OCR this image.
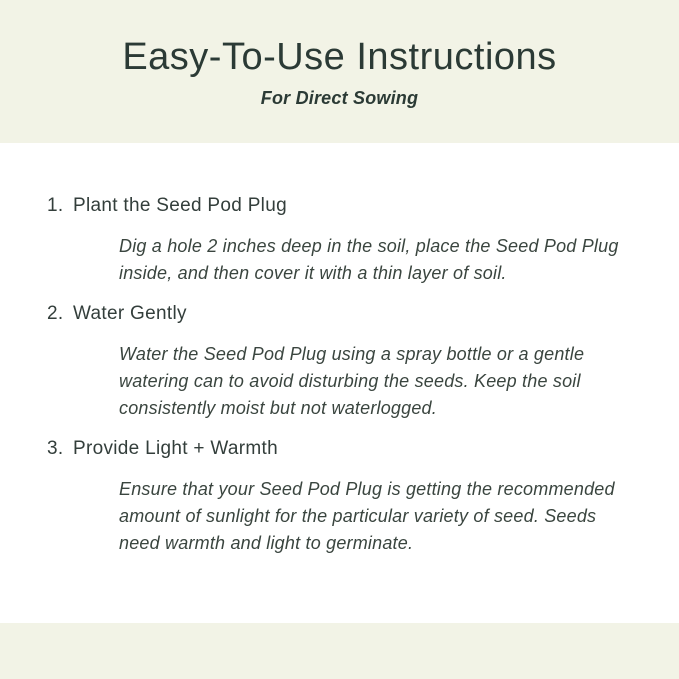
Easy-To-Use Instructions
For Direct Sowing
1. Plant the Seed Pod Plug

Dig a hole 2 inches deep in the soil, place the Seed Pod Plug inside, and then cover it with a thin layer of soil.

2. Water Gently

Water the Seed Pod Plug using a spray bottle or a gentle watering can to avoid disturbing the seeds. Keep the soil consistently moist but not waterlogged.

3. Provide Light + Warmth

Ensure that your Seed Pod Plug is getting the recommended amount of sunlight for the particular variety of seed. Seeds need warmth and light to germinate.
